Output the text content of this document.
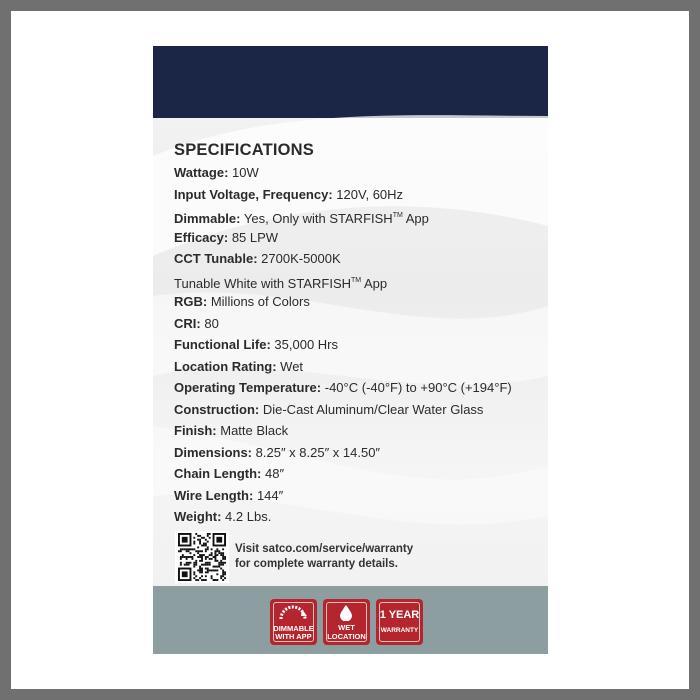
SPECIFICATIONS
Wattage: 10W
Input Voltage, Frequency: 120V, 60Hz
Dimmable: Yes, Only with STARFISH™ App
Efficacy: 85 LPW
CCT Tunable: 2700K-5000K
Tunable White with STARFISH™ App
RGB: Millions of Colors
CRI: 80
Functional Life: 35,000 Hrs
Location Rating: Wet
Operating Temperature: -40°C (-40°F) to +90°C (+194°F)
Construction: Die-Cast Aluminum/Clear Water Glass
Finish: Matte Black
Dimensions: 8.25″ x 8.25″ x 14.50″
Chain Length: 48″
Wire Length: 144″
Weight: 4.2 Lbs.
Visit satco.com/service/warranty
for complete warranty details.
DIMMABLE
WITH APP
WET
LOCATION
1 YEAR
WARRANTY
